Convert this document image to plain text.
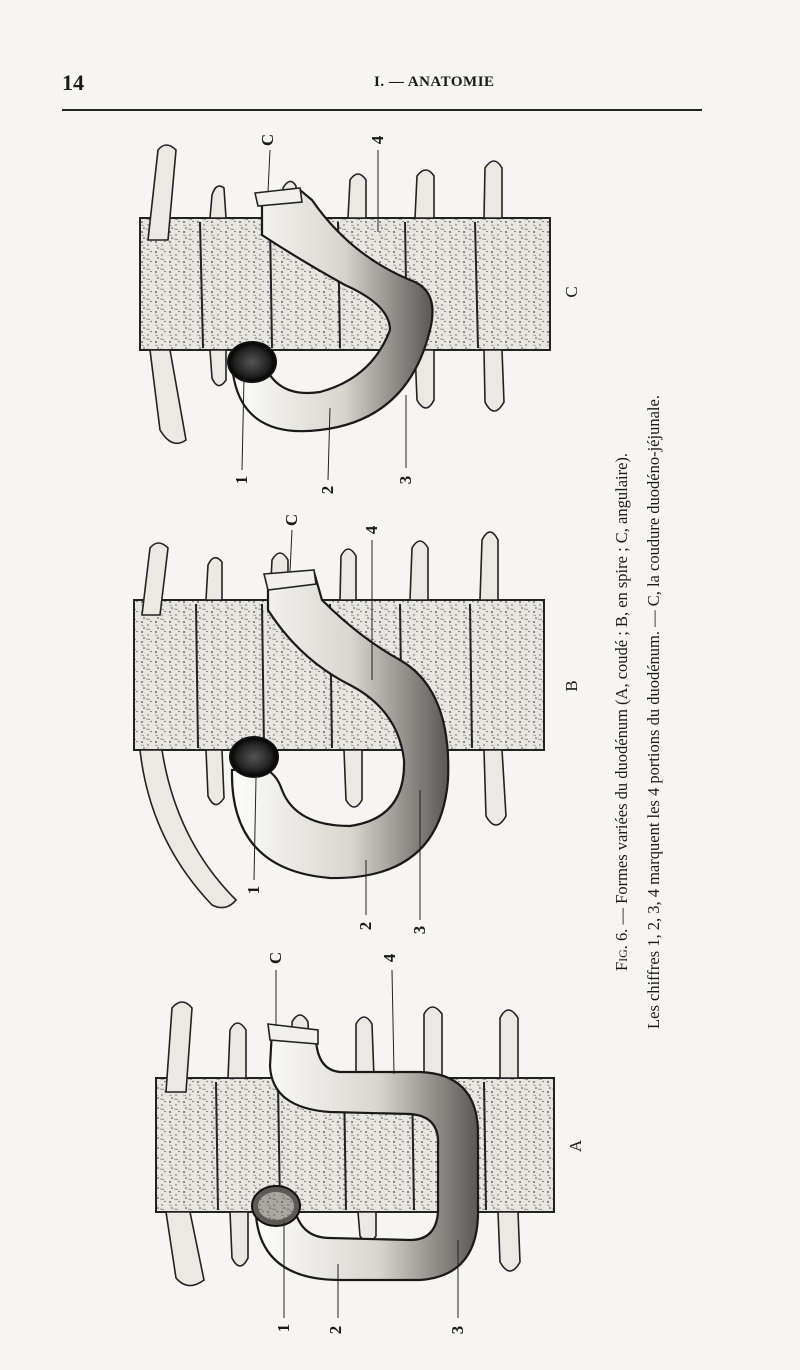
14	I. — ANATOMIE
C	4
1
2
3
C
C
4
1
2 3
B
C	4
1 2	3
A
Fig. 6. — Formes variées du duodénum (A, coudé ; B, en spire ; C, angulaire). Les chiffres 1, 2, 3, 4 marquent les 4 portions du duodénum. — C, la coudure duodéno-jéjunale.
